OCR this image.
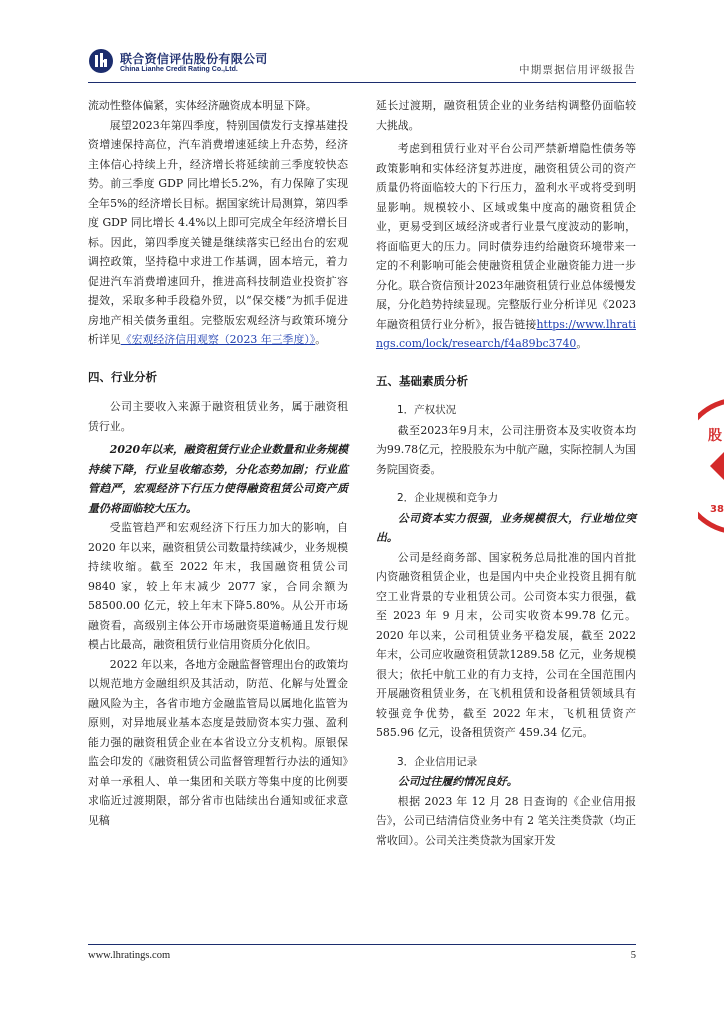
联合资信评估股份有限公司
China Lianhe Credit Rating Co.,Ltd.	中期票据信用评级报告

流动性整体偏紧，实体经济融资成本明显下降。

展望2023年第四季度，特别国债发行支撑基建投资增速保持高位，汽车消费增速延续上升态势，经济主体信心持续上升，经济增长将延续前三季度较快态势。前三季度 GDP 同比增长5.2%，有力保障了实现全年5%的经济增长目标。据国家统计局测算，第四季度 GDP 同比增长 4.4%以上即可完成全年经济增长目标。因此，第四季度关键是继续落实已经出台的宏观调控政策，坚持稳中求进工作基调，固本培元，着力促进汽车消费增速回升，推进高科技制造业投资扩容提效，采取多种手段稳外贸，以“保交楼”为抓手促进房地产相关债务重组。完整版宏观经济与政策环境分析详见《宏观经济信用观察（2023 年三季度）》。

四、行业分析

公司主要收入来源于融资租赁业务，属于融资租赁行业。

2020年以来，融资租赁行业企业数量和业务规模持续下降，行业呈收缩态势，分化态势加剧；行业监管趋严，宏观经济下行压力使得融资租赁公司资产质量仍将面临较大压力。

受监管趋严和宏观经济下行压力加大的影响，自 2020 年以来，融资租赁公司数量持续减少，业务规模持续收缩。截至 2022 年末，我国融资租赁公司 9840 家，较上年末减少 2077 家，合同余额为 58500.00 亿元，较上年末下降5.80%。从公开市场融资看，高级别主体公开市场融资渠道畅通且发行规模占比最高，融资租赁行业信用资质分化依旧。

2022 年以来，各地方金融监督管理出台的政策均以规范地方金融组织及其活动，防范、化解与处置金融风险为主，各省市地方金融监管局以属地化监管为原则，对异地展业基本态度是鼓励资本实力强、盈利能力强的融资租赁企业在本省设立分支机构。原银保监会印发的《融资租赁公司监督管理暂行办法的通知》对单一承租人、单一集团和关联方等集中度的比例要求临近过渡期限，部分省市也陆续出台通知或征求意见稿

延长过渡期，融资租赁企业的业务结构调整仍面临较大挑战。

考虑到租赁行业对平台公司严禁新增隐性债务等政策影响和实体经济复苏进度，融资租赁公司的资产质量仍将面临较大的下行压力，盈利水平或将受到明显影响。规模较小、区域或集中度高的融资租赁企业，更易受到区域经济或者行业景气度波动的影响，将面临更大的压力。同时债券违约给融资环境带来一定的不利影响可能会使融资租赁企业融资能力进一步分化。联合资信预计2023年融资租赁行业总体缓慢发展，分化趋势持续显现。完整版行业分析详见《2023年融资租赁行业分析》，报告链接https://www.lhratings.com/lock/research/f4a89bc3740。

五、基础素质分析

1．产权状况

截至2023年9月末，公司注册资本及实收资本均为99.78亿元，控股股东为中航产融，实际控制人为国务院国资委。

2．企业规模和竞争力

公司资本实力很强，业务规模很大，行业地位突出。

公司是经商务部、国家税务总局批准的国内首批内资融资租赁企业，也是国内中央企业投资且拥有航空工业背景的专业租赁公司。公司资本实力很强，截至 2023 年 9 月末，公司实收资本99.78 亿元。2020 年以来，公司租赁业务平稳发展，截至 2022 年末，公司应收融资租赁款1289.58 亿元，业务规模很大；依托中航工业的有力支持，公司在全国范围内开展融资租赁业务，在飞机租赁和设备租赁领域具有较强竞争优势，截至 2022 年末，飞机租赁资产 585.96 亿元，设备租赁资产 459.34 亿元。

3．企业信用记录

公司过往履约情况良好。

根据 2023 年 12 月 28 日查询的《企业信用报告》，公司已结清信贷业务中有 2 笔关注类贷款（均正常收回）。公司关注类贷款为国家开发

股
38
www.lhratings.com	5
